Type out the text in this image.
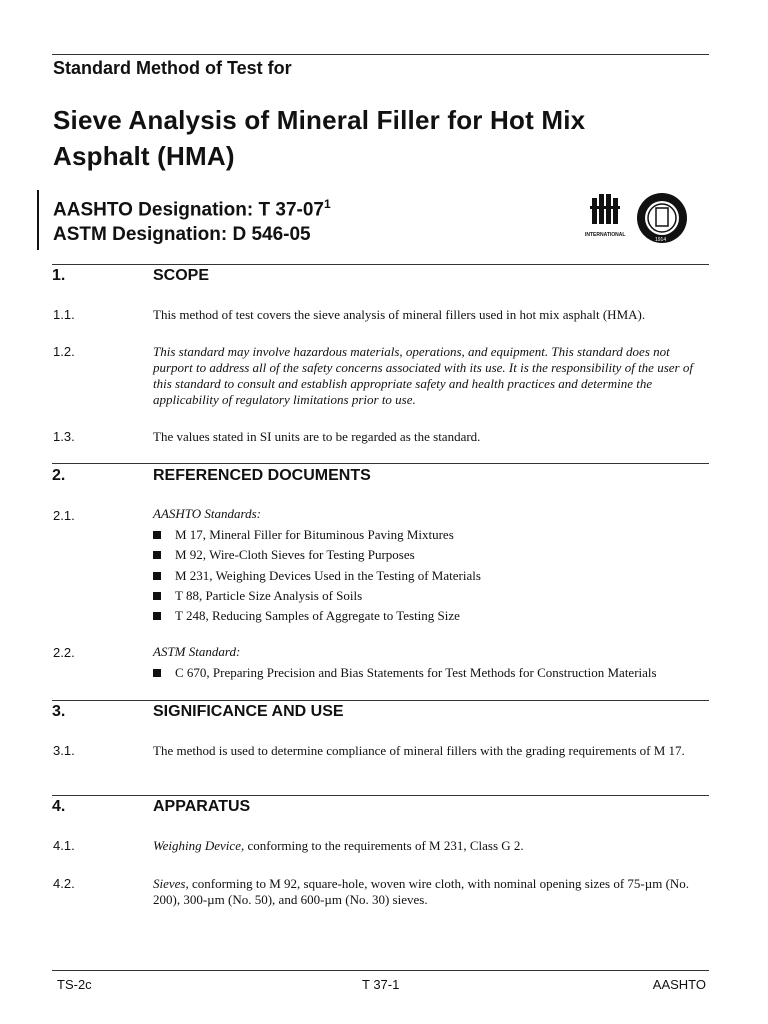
Standard Method of Test for
Sieve Analysis of Mineral Filler for Hot Mix
Asphalt (HMA)
AASHTO Designation: T $37-07^1$
ASTM Designation: D 546-05	INTERNATIONAL
1914
1.	SCOPE
1.1.	This method of test covers the sieve analysis of mineral fillers used in hot mix asphalt (HMA).
1.2.	This standard may involve hazardous materials, operations, and equipment. This standard does not purport to address all of the safety concerns associated with its use. It is the responsibility of the user of this standard to consult and establish appropriate safety and health practices and determine the applicability of regulatory limitations prior to use.
1.3.	The values stated in SI units are to be regarded as the standard.
2.	REFERENCED DOCUMENTS
2.1.	AASHTO Standards:
M 17, Mineral Filler for Bituminous Paving Mixtures
M 92, Wire-Cloth Sieves for Testing Purposes
M 231, Weighing Devices Used in the Testing of Materials
T 88, Particle Size Analysis of Soils
T 248, Reducing Samples of Aggregate to Testing Size
2.2.	ASTM Standard:
C 670, Preparing Precision and Bias Statements for Test Methods for Construction Materials
3.	SIGNIFICANCE AND USE
3.1.	The method is used to determine compliance of mineral fillers with the grading requirements of M 17.
4.	APPARATUS
4.1.	Weighing Device, conforming to the requirements of M 231, Class G 2.
4.2.	Sieves, conforming to M 92, square-hole, woven wire cloth, with nominal opening sizes of 75-µm (No. 200), 300-µm (No. 50), and 600-µm (No. 30) sieves.
TS-2c	T 37-1	AASHTO
